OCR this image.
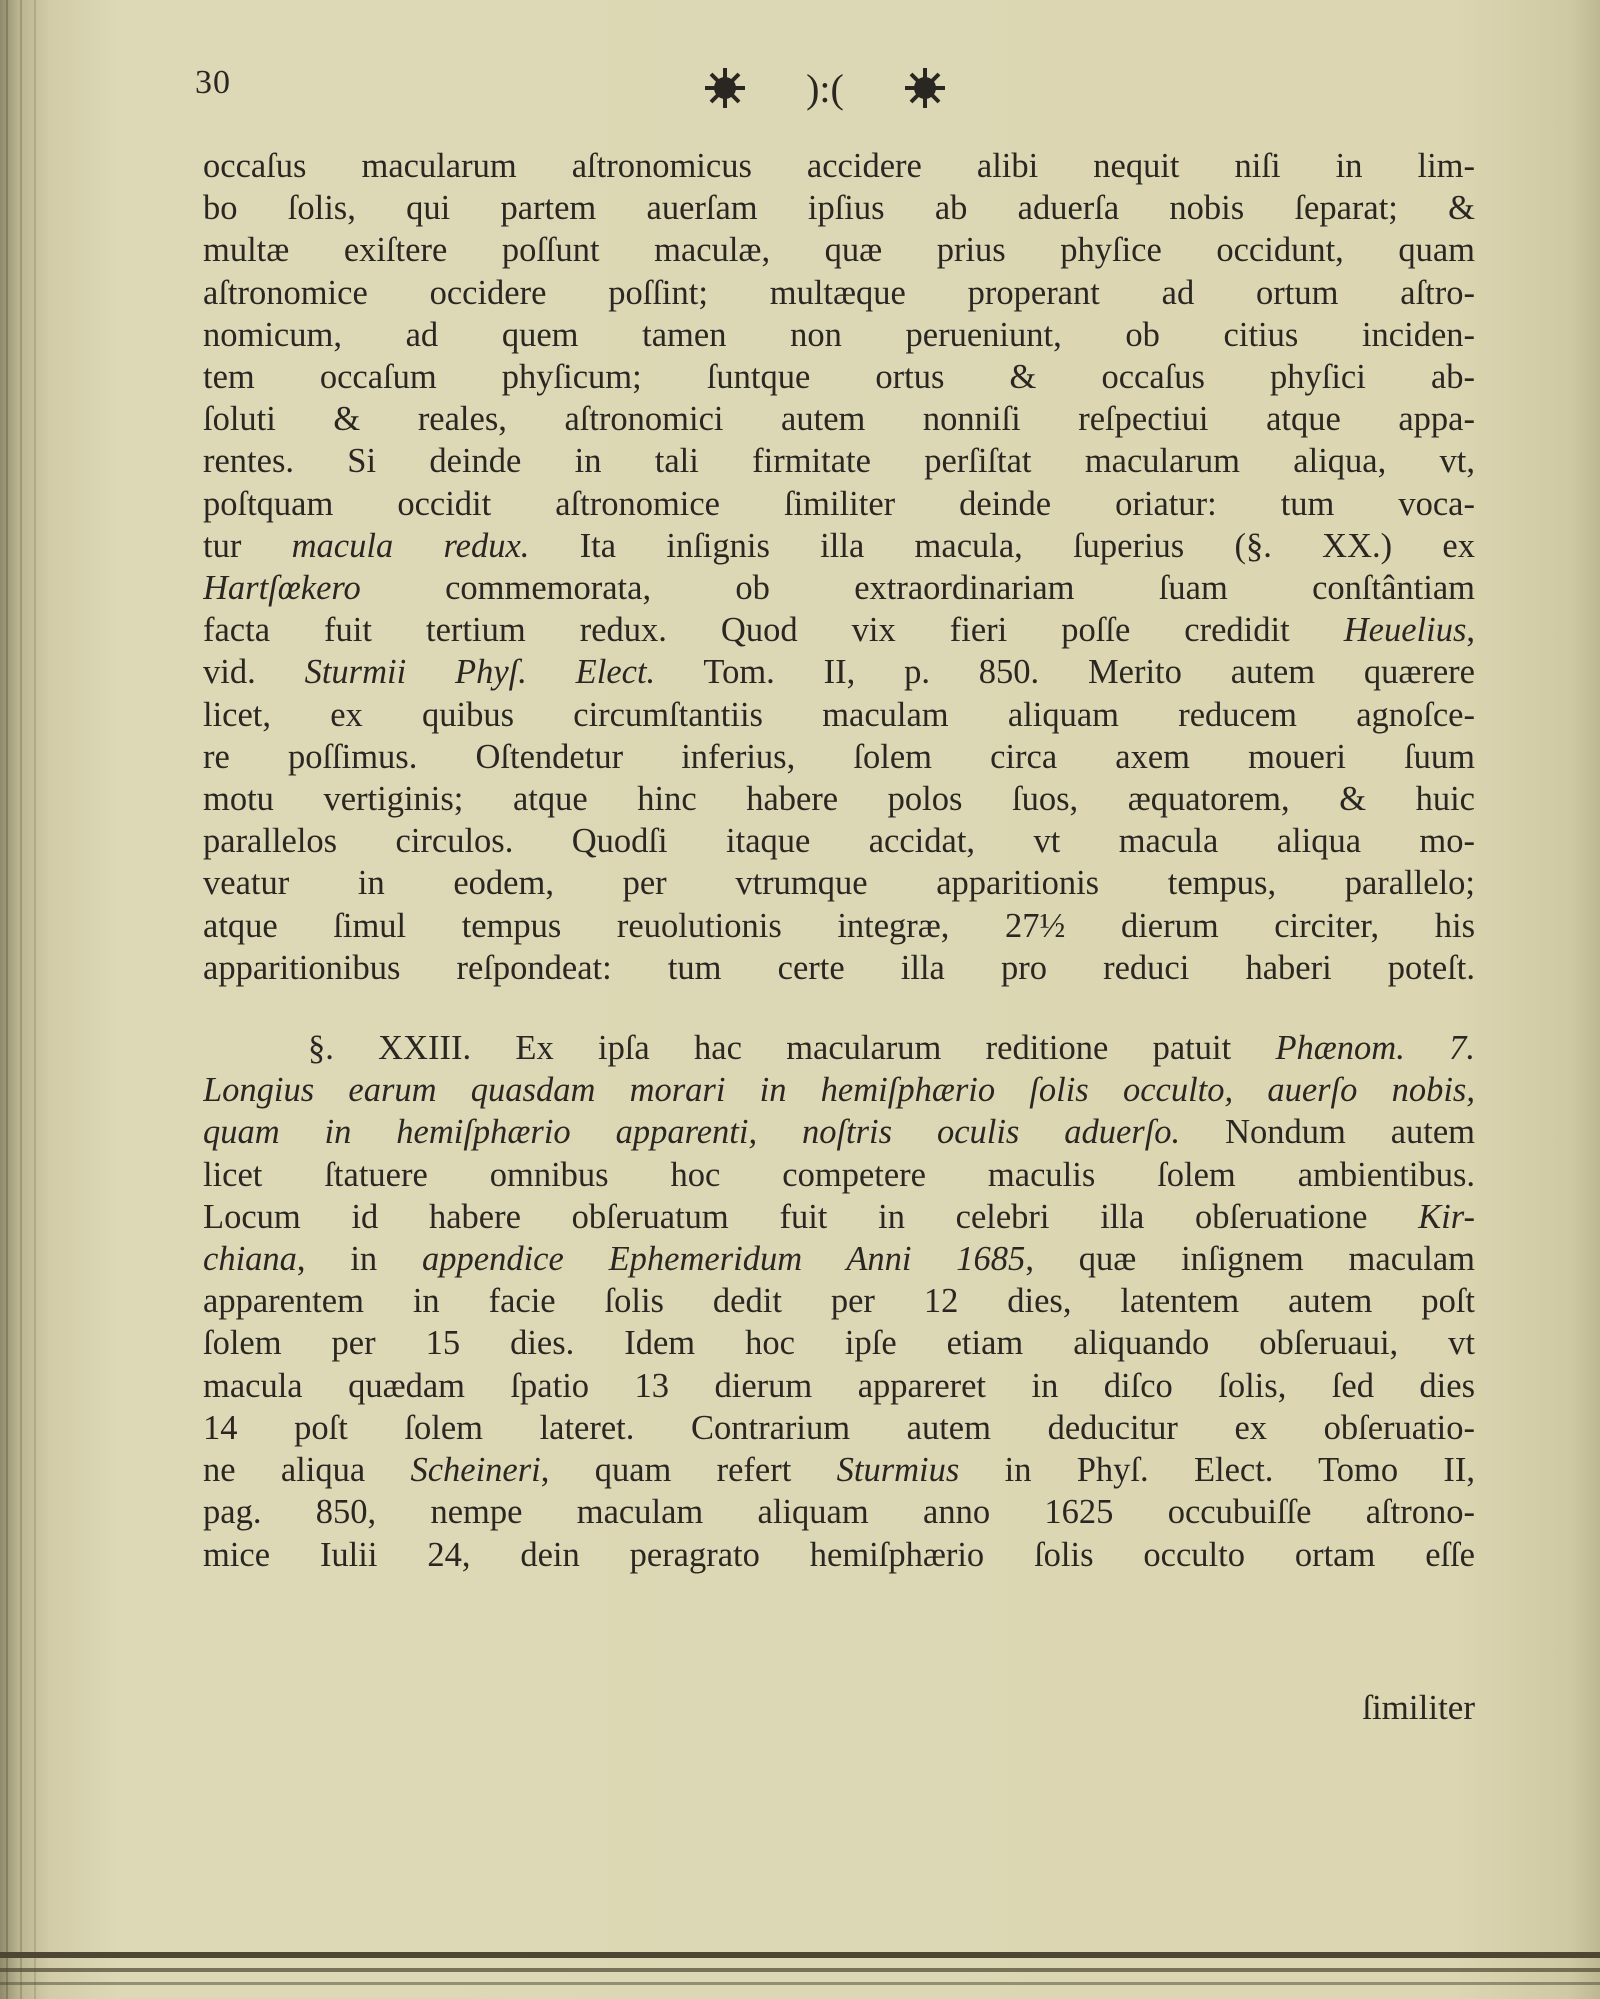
30	):(

occaſus macularum aſtronomicus accidere alibi nequit niſi in lim-
bo ſolis, qui partem auerſam ipſius ab aduerſa nobis ſeparat; &
multæ exiſtere poſſunt maculæ, quæ prius phyſice occidunt, quam
aſtronomice occidere poſſint; multæque properant ad ortum aſtro-
nomicum, ad quem tamen non perueniunt, ob citius inciden-
tem occaſum phyſicum; ſuntque ortus & occaſus phyſici ab-
ſoluti & reales, aſtronomici autem nonniſi reſpectiui atque appa-
rentes. Si deinde in tali firmitate perſiſtat macularum aliqua, vt,
poſtquam occidit aſtronomice ſimiliter deinde oriatur: tum voca-
tur macula redux. Ita inſignis illa macula, ſuperius (§. XX.) ex
Hartſœkero commemorata, ob extraordinariam ſuam conſtântiam
facta fuit tertium redux. Quod vix fieri poſſe credidit Heuelius,
vid. Sturmii Phyſ. Elect. Tom. II, p. 850. Merito autem quærere
licet, ex quibus circumſtantiis maculam aliquam reducem agnoſce-
re poſſimus. Oſtendetur inferius, ſolem circa axem moueri ſuum
motu vertiginis; atque hinc habere polos ſuos, æquatorem, & huic
parallelos circulos. Quodſi itaque accidat, vt macula aliqua mo-
veatur in eodem, per vtrumque apparitionis tempus, parallelo;
atque ſimul tempus reuolutionis integræ, 27½ dierum circiter, his
apparitionibus reſpondeat: tum certe illa pro reduci haberi poteſt.

§. XXIII. Ex ipſa hac macularum reditione patuit Phænom. 7.
Longius earum quasdam morari in hemiſphærio ſolis occulto, auerſo nobis,
quam in hemiſphærio apparenti, noſtris oculis aduerſo. Nondum autem
licet ſtatuere omnibus hoc competere maculis ſolem ambientibus.
Locum id habere obſeruatum fuit in celebri illa obſeruatione Kir-
chiana, in appendice Ephemeridum Anni 1685, quæ inſignem maculam
apparentem in facie ſolis dedit per 12 dies, latentem autem poſt
ſolem per 15 dies. Idem hoc ipſe etiam aliquando obſeruaui, vt
macula quædam ſpatio 13 dierum appareret in diſco ſolis, ſed dies
14 poſt ſolem lateret. Contrarium autem deducitur ex obſeruatio-
ne aliqua Scheineri, quam refert Sturmius in Phyſ. Elect. Tomo II,
pag. 850, nempe maculam aliquam anno 1625 occubuiſſe aſtrono-
mice Iulii 24, dein peragrato hemiſphærio ſolis occulto ortam eſſe

ſimiliter
